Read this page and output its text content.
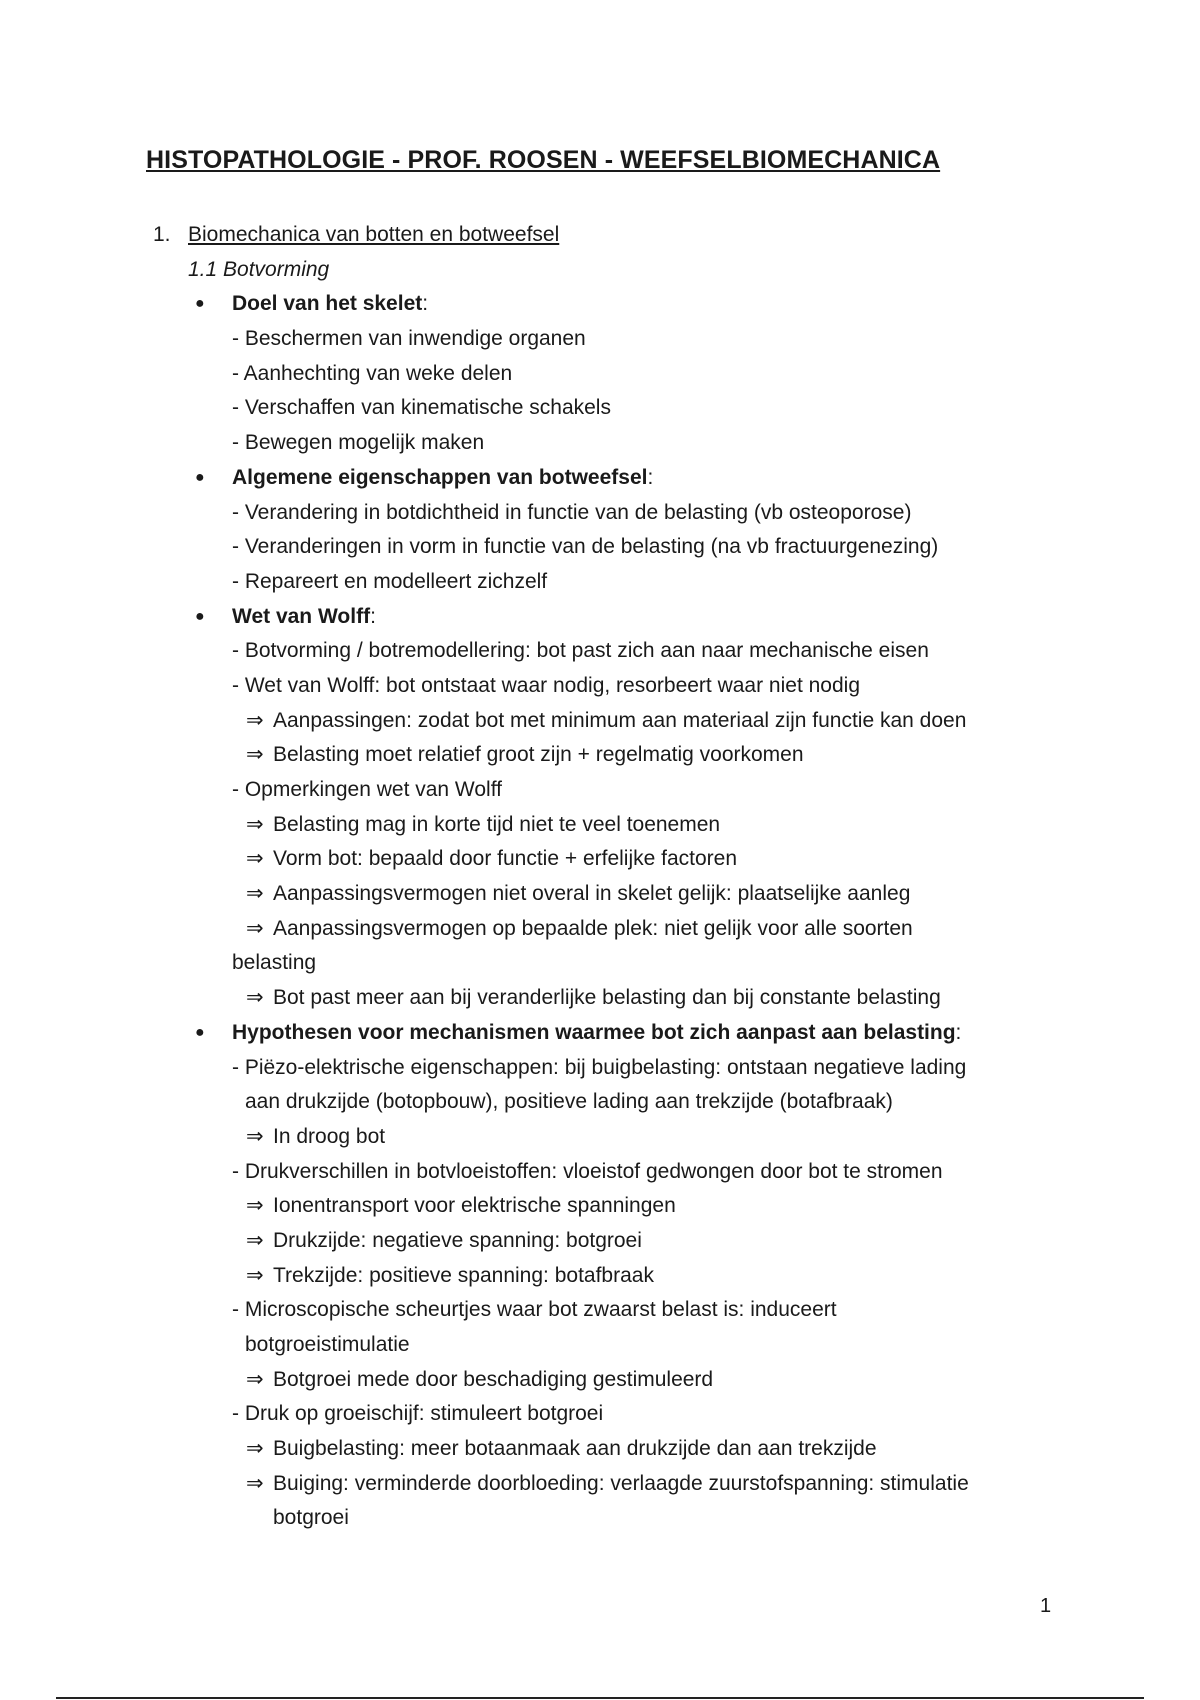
HISTOPATHOLOGIE - PROF. ROOSEN - WEEFSELBIOMECHANICA
1. Biomechanica van botten en botweefsel
1.1 Botvorming
● Doel van het skelet:
- Beschermen van inwendige organen
- Aanhechting van weke delen
- Verschaffen van kinematische schakels
- Bewegen mogelijk maken
● Algemene eigenschappen van botweefsel:
- Verandering in botdichtheid in functie van de belasting (vb osteoporose)
- Veranderingen in vorm in functie van de belasting (na vb fractuurgenezing)
- Repareert en modelleert zichzelf
● Wet van Wolff:
- Botvorming / botremodellering: bot past zich aan naar mechanische eisen
- Wet van Wolff: bot ontstaat waar nodig, resorbeert waar niet nodig
⇒ Aanpassingen: zodat bot met minimum aan materiaal zijn functie kan doen
⇒ Belasting moet relatief groot zijn + regelmatig voorkomen
- Opmerkingen wet van Wolff
⇒ Belasting mag in korte tijd niet te veel toenemen
⇒ Vorm bot: bepaald door functie + erfelijke factoren
⇒ Aanpassingsvermogen niet overal in skelet gelijk: plaatselijke aanleg
⇒ Aanpassingsvermogen op bepaalde plek: niet gelijk voor alle soorten
belasting
⇒ Bot past meer aan bij veranderlijke belasting dan bij constante belasting
● Hypothesen voor mechanismen waarmee bot zich aanpast aan belasting:
- Piëzo-elektrische eigenschappen: bij buigbelasting: ontstaan negatieve lading
aan drukzijde (botopbouw), positieve lading aan trekzijde (botafbraak)
⇒ In droog bot
- Drukverschillen in botvloeistoffen: vloeistof gedwongen door bot te stromen
⇒ Ionentransport voor elektrische spanningen
⇒ Drukzijde: negatieve spanning: botgroei
⇒ Trekzijde: positieve spanning: botafbraak
- Microscopische scheurtjes waar bot zwaarst belast is: induceert
botgroeistimulatie
⇒ Botgroei mede door beschadiging gestimuleerd
- Druk op groeischijf: stimuleert botgroei
⇒ Buigbelasting: meer botaanmaak aan drukzijde dan aan trekzijde
⇒ Buiging: verminderde doorbloeding: verlaagde zuurstofspanning: stimulatie
botgroei
1
